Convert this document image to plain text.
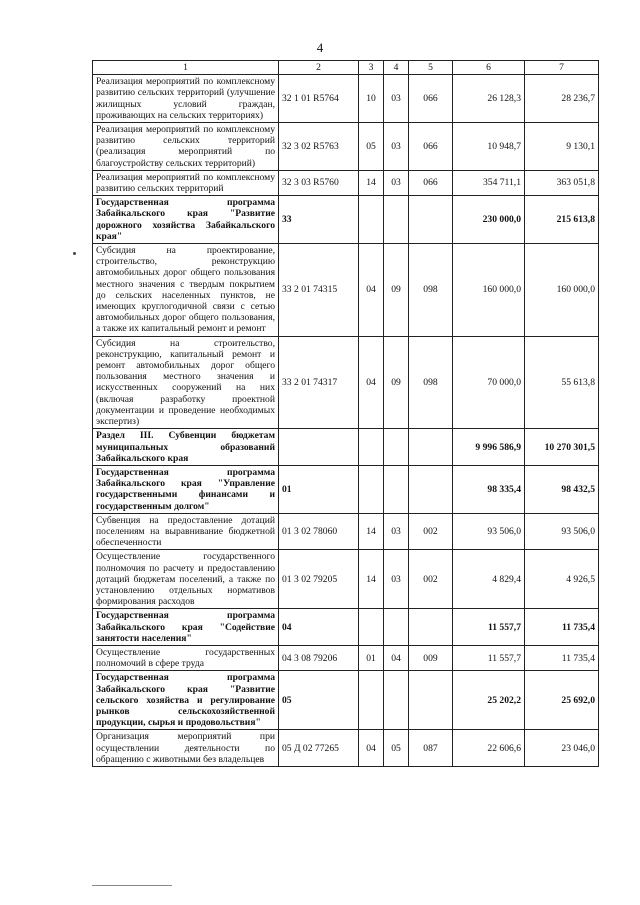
4
1	2	3	4	5	6	7
Реализация мероприятий по комплексному развитию сельских территорий (улучшение жилищных условий граждан, проживающих на сельских территориях)	32 1 01 R5764	10	03	066	26 128,3	28 236,7
Реализация мероприятий по комплексному развитию сельских территорий (реализация мероприятий по благоустройству сельских территорий)	32 3 02 R5763	05	03	066	10 948,7	9 130,1
Реализация мероприятий по комплексному развитию сельских территорий	32 3 03 R5760	14	03	066	354 711,1	363 051,8
Государственная программа Забайкальского края "Развитие дорожного хозяйства Забайкальского края"	33				230 000,0	215 613,8
Субсидия на проектирование, строительство, реконструкцию автомобильных дорог общего пользования местного значения с твердым покрытием до сельских населенных пунктов, не имеющих круглогодичной связи с сетью автомобильных дорог общего пользования, а также их капитальный ремонт и ремонт	33 2 01 74315	04	09	098	160 000,0	160 000,0
Субсидия на строительство, реконструкцию, капитальный ремонт и ремонт автомобильных дорог общего пользования местного значения и искусственных сооружений на них (включая разработку проектной документации и проведение необходимых экспертиз)	33 2 01 74317	04	09	098	70 000,0	55 613,8
Раздел III. Субвенции бюджетам муниципальных образований Забайкальского края					9 996 586,9	10 270 301,5
Государственная программа Забайкальского края "Управление государственными финансами и государственным долгом"	01				98 335,4	98 432,5
Субвенция на предоставление дотаций поселениям на выравнивание бюджетной обеспеченности	01 3 02 78060	14	03	002	93 506,0	93 506,0
Осуществление государственного полномочия по расчету и предоставлению дотаций бюджетам поселений, а также по установлению отдельных нормативов формирования расходов	01 3 02 79205	14	03	002	4 829,4	4 926,5
Государственная программа Забайкальского края "Содействие занятости населения"	04				11 557,7	11 735,4
Осуществление государственных полномочий в сфере труда	04 3 08 79206	01	04	009	11 557,7	11 735,4
Государственная программа Забайкальского края "Развитие сельского хозяйства и регулирование рынков сельскохозяйственной продукции, сырья и продовольствия"	05				25 202,2	25 692,0
Организация мероприятий при осуществлении деятельности по обращению с животными без владельцев	05 Д 02 77265	04	05	087	22 606,6	23 046,0
